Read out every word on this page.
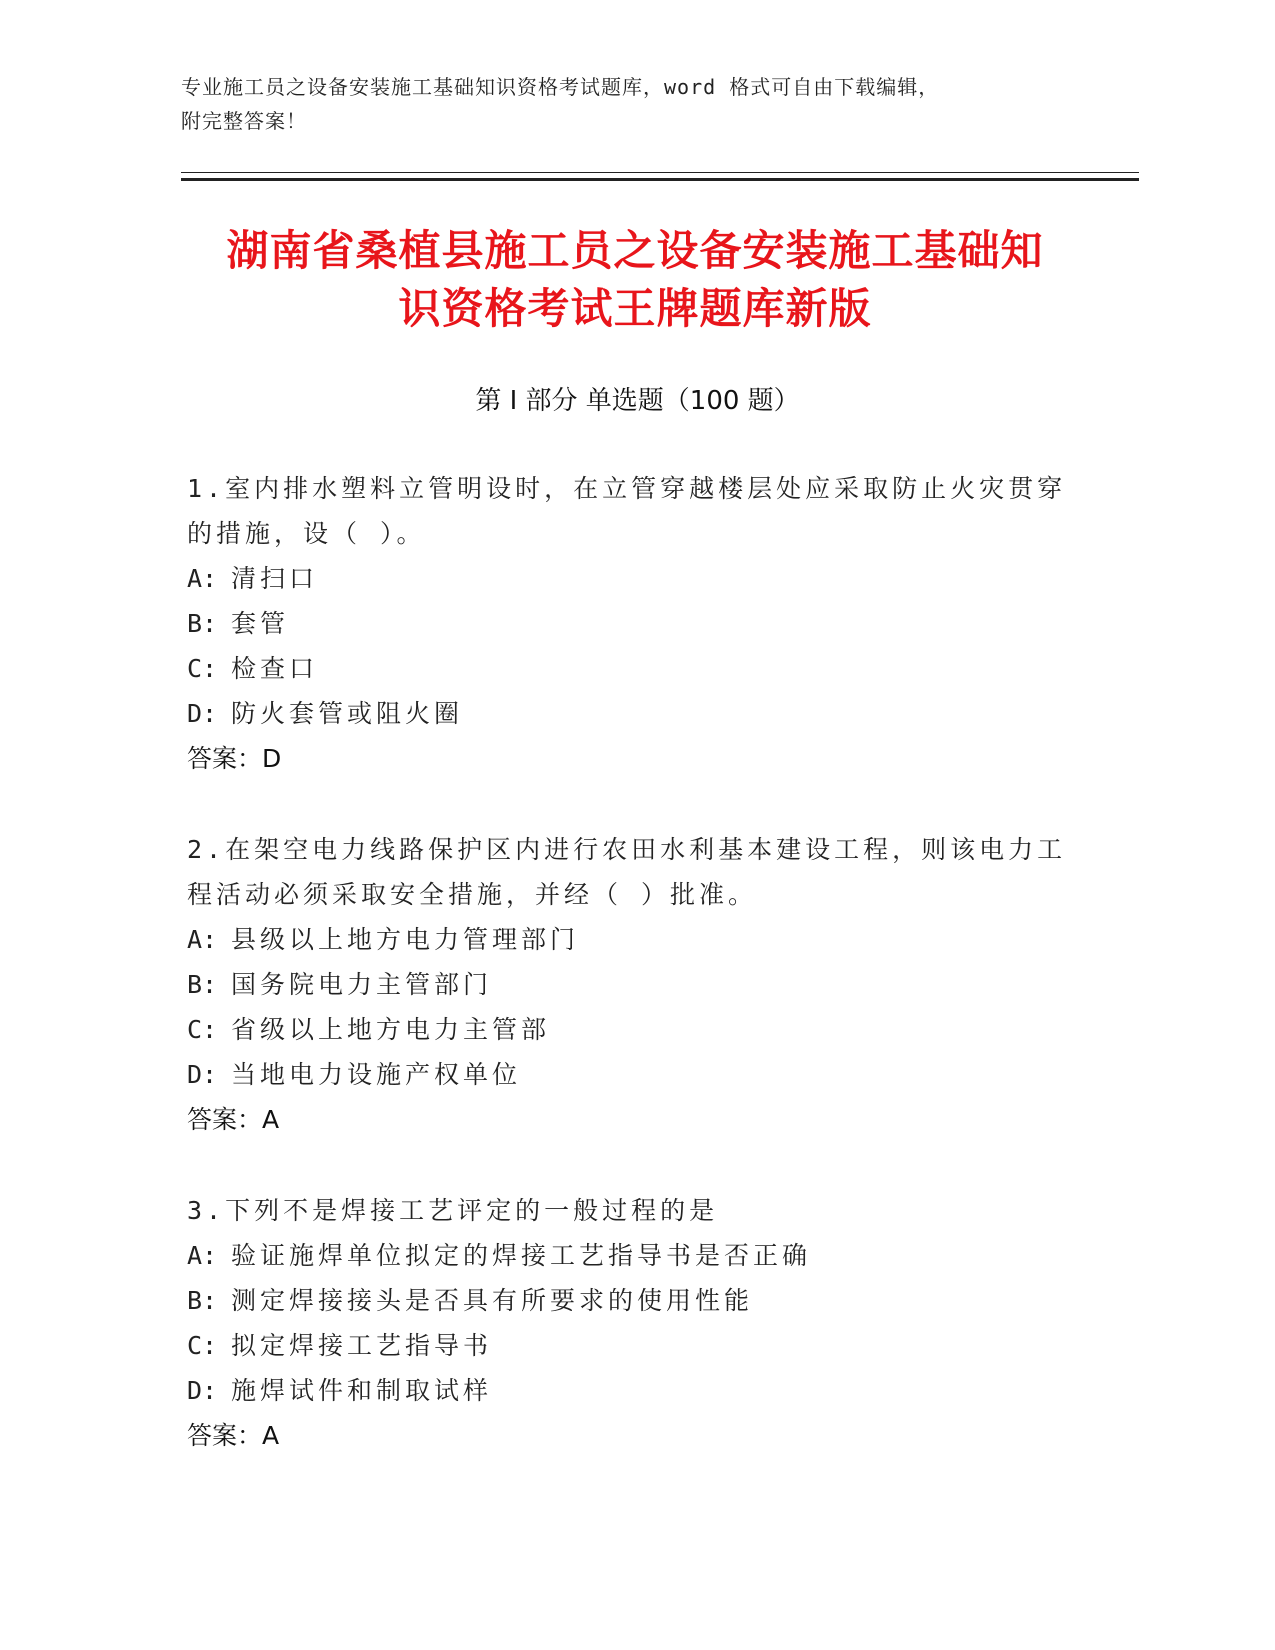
专业施工员之设备安装施工基础知识资格考试题库，word 格式可自由下载编辑，
附完整答案！
湖南省桑植县施工员之设备安装施工基础知
识资格考试王牌题库新版
第 I 部分 单选题（100 题）

1.室内排水塑料立管明设时，在立管穿越楼层处应采取防止火灾贯穿的措施，设（ ）。

A: 清扫口

B: 套管

C: 检查口

D: 防火套管或阻火圈

答案：D

2.在架空电力线路保护区内进行农田水利基本建设工程，则该电力工程活动必须采取安全措施，并经（ ）批准。

A: 县级以上地方电力管理部门

B: 国务院电力主管部门

C: 省级以上地方电力主管部

D: 当地电力设施产权单位

答案：A

3.下列不是焊接工艺评定的一般过程的是

A: 验证施焊单位拟定的焊接工艺指导书是否正确

B: 测定焊接接头是否具有所要求的使用性能

C: 拟定焊接工艺指导书

D: 施焊试件和制取试样

答案：A
